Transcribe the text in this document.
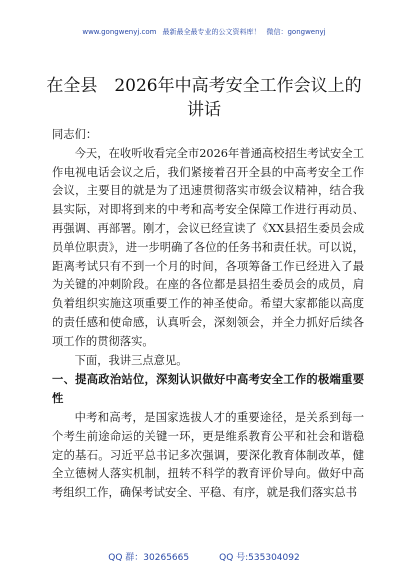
www.gongwenyj.com 最新最全最专业的公文资料库！ 微信：gongwenyj
在全县　2026年中高考安全工作会议上的讲话

同志们：

今天，在收听收看完全市2026年普通高校招生考试安全工作电视电话会议之后，我们紧接着召开全县的中高考安全工作会议，主要目的就是为了迅速贯彻落实市级会议精神，结合我县实际，对即将到来的中考和高考安全保障工作进行再动员、再强调、再部署。刚才，会议已经宣读了《XX县招生委员会成员单位职责》，进一步明确了各位的任务书和责任状。可以说，距离考试只有不到一个月的时间，各项筹备工作已经进入了最为关键的冲刺阶段。在座的各位都是县招生委员会的成员，肩负着组织实施这项重要工作的神圣使命。希望大家都能以高度的责任感和使命感，认真听会，深刻领会，并全力抓好后续各项工作的贯彻落实。

下面，我讲三点意见。

一、提高政治站位，深刻认识做好中高考安全工作的极端重要性

中考和高考，是国家选拔人才的重要途径，是关系到每一个考生前途命运的关键一环，更是维系教育公平和社会和谐稳定的基石。习近平总书记多次强调，要深化教育体制改革，健全立德树人落实机制，扭转不科学的教育评价导向。做好中高考组织工作，确保考试安全、平稳、有序，就是我们落实总书

QQ 群：30265665	QQ 号:535304092
